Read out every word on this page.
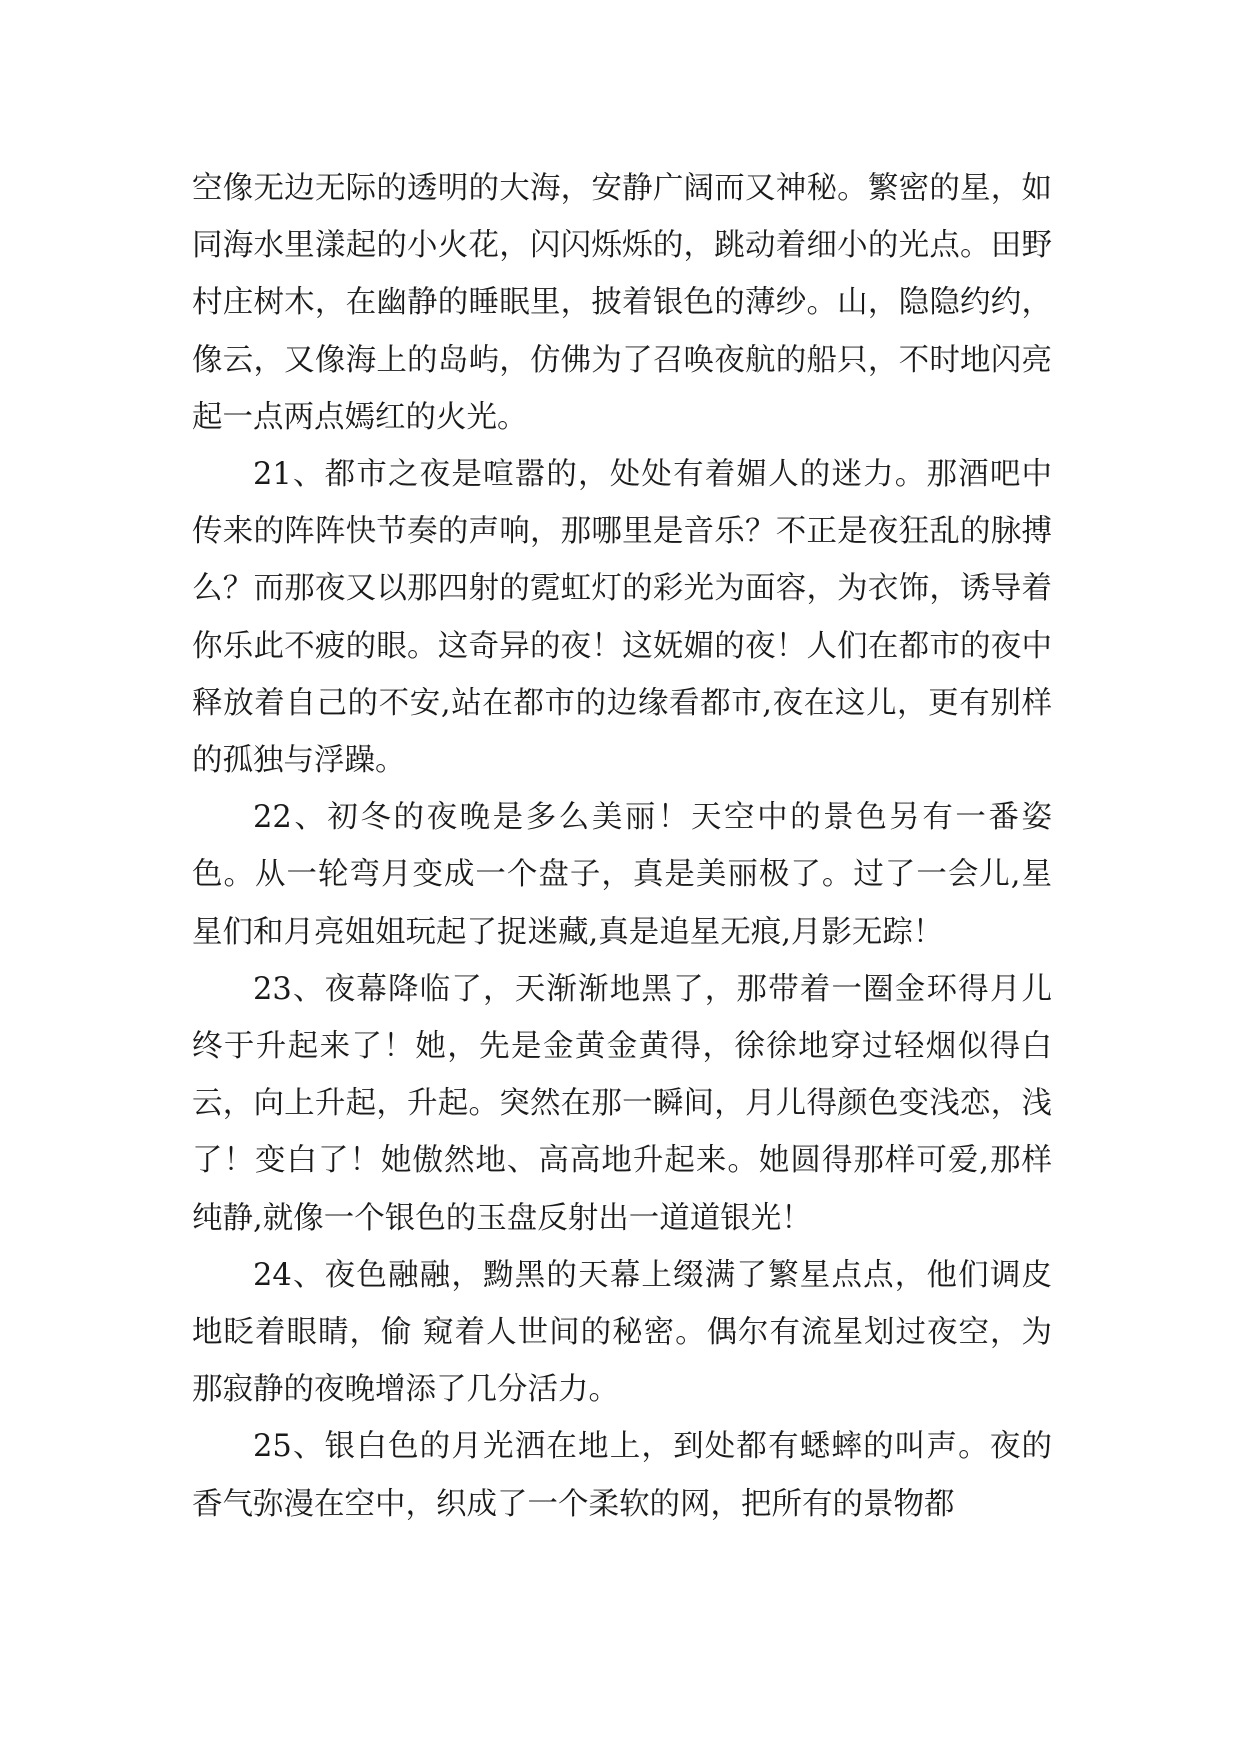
空像无边无际的透明的大海，安静广阔而又神秘。繁密的星，如同海水里漾起的小火花，闪闪烁烁的，跳动着细小的光点。田野村庄树木，在幽静的睡眠里，披着银色的薄纱。山，隐隐约约，像云，又像海上的岛屿，仿佛为了召唤夜航的船只，不时地闪亮起一点两点嫣红的火光。

21、都市之夜是喧嚣的，处处有着媚人的迷力。那酒吧中传来的阵阵快节奏的声响，那哪里是音乐？不正是夜狂乱的脉搏么？而那夜又以那四射的霓虹灯的彩光为面容，为衣饰，诱导着你乐此不疲的眼。这奇异的夜！这妩媚的夜！人们在都市的夜中释放着自己的不安,站在都市的边缘看都市,夜在这儿，更有别样的孤独与浮躁。

22、初冬的夜晚是多么美丽！天空中的景色另有一番姿色。从一轮弯月变成一个盘子，真是美丽极了。过了一会儿,星星们和月亮姐姐玩起了捉迷藏,真是追星无痕,月影无踪！

23、夜幕降临了，天渐渐地黑了，那带着一圈金环得月儿终于升起来了！她，先是金黄金黄得，徐徐地穿过轻烟似得白云，向上升起，升起。突然在那一瞬间，月儿得颜色变浅恋，浅了！变白了！她傲然地、高高地升起来。她圆得那样可爱,那样纯静,就像一个银色的玉盘反射出一道道银光！

24、夜色融融，黝黑的天幕上缀满了繁星点点，他们调皮地眨着眼睛，偷 窥着人世间的秘密。偶尔有流星划过夜空，为那寂静的夜晚增添了几分活力。

25、银白色的月光洒在地上，到处都有蟋蟀的叫声。夜的香气弥漫在空中，织成了一个柔软的网，把所有的景物都
